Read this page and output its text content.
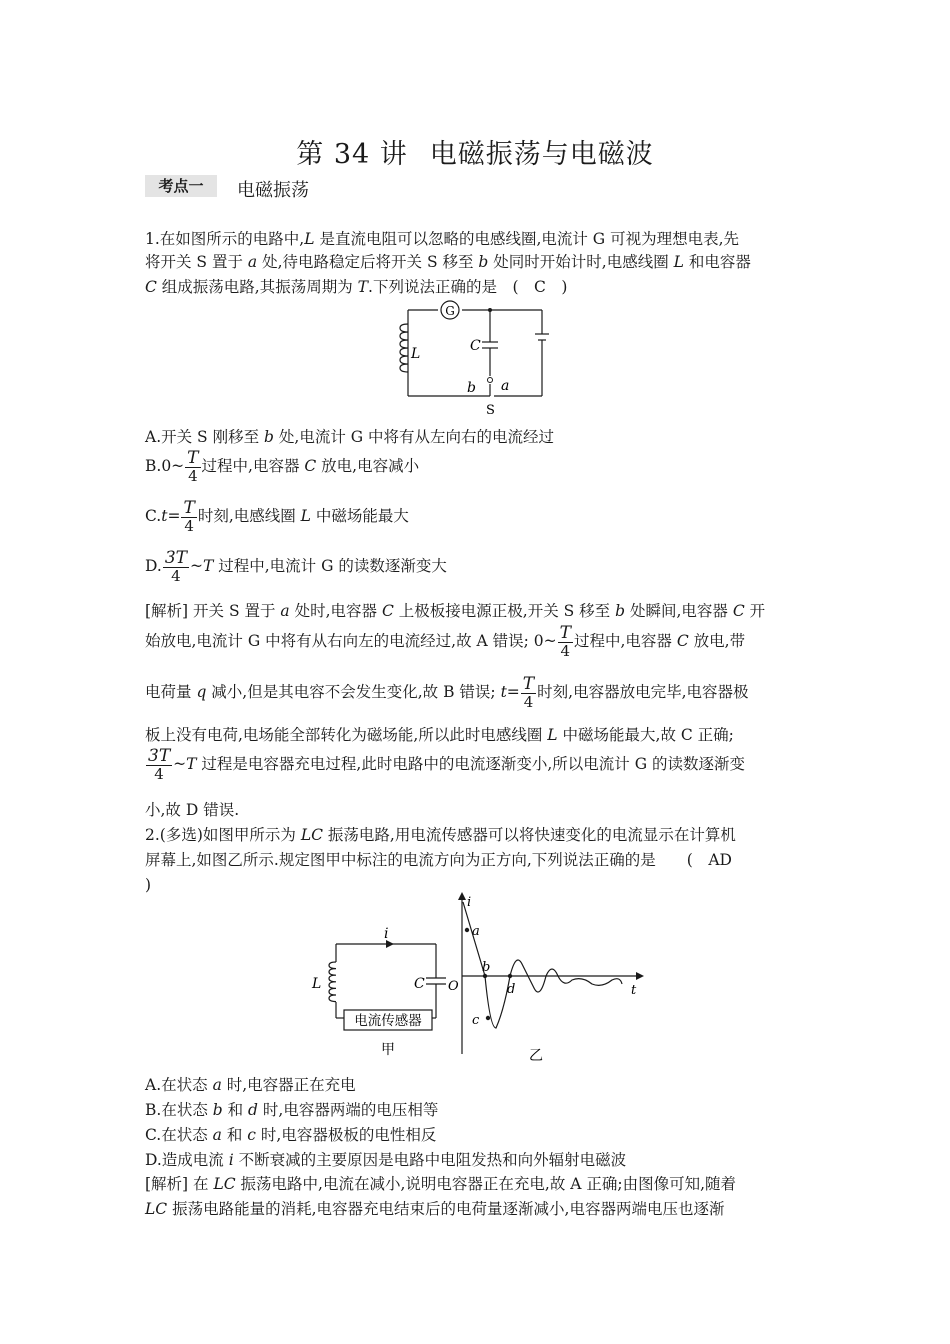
第 34 讲 电磁振荡与电磁波
考点一	电磁振荡
1.在如图所示的电路中,L 是直流电阻可以忽略的电感线圈,电流计 G 可视为理想电表,先
将开关 S 置于 a 处,待电路稳定后将开关 S 移至 b 处同时开始计时,电感线圈 L 和电容器
C 组成振荡电路,其振荡周期为 T.下列说法正确的是　(　C　)
G
L	C
b a
S
A.开关 S 刚移至 b 处,电流计 G 中将有从左向右的电流经过
B.0~ $\frac{T}{4}$ 过程中,电容器 C 放电,电容减小
$C.t= \frac{T}{4}$ 时刻,电感线圈 L 中磁场能最大
D. $\frac{3T}{4}$ ~T 过程中,电流计 G 的读数逐渐变大
[解析] 开关 S 置于 a 处时,电容器 C 上极板接电源正极,开关 S 移至 b 处瞬间,电容器 C 开
始放电,电流计 G 中将有从右向左的电流经过,故 A 错误; 0~ $\frac{T}{4}$ 过程中,电容器 C 放电,带
电荷量 q 减小,但是其电容不会发生变化,故 B 错误; $t= \frac{T}{4}$ 时刻,电容器放电完毕,电容器极
板上没有电荷,电场能全部转化为磁场能,所以此时电感线圈 L 中磁场能最大,故 C 正确;
$\frac{3T}{4}$ ~T 过程是电容器充电过程,此时电路中的电流逐渐变小,所以电流计 G 的读数逐渐变
小,故 D 错误.
2.(多选)如图甲所示为 LC 振荡电路,用电流传感器可以将快速变化的电流显示在计算机
屏幕上,如图乙所示.规定图甲中标注的电流方向为正方向,下列说法正确的是　　(　AD
)
i
L	C
电流传感器
甲
i
O	t
a
b
c
d
乙
A.在状态 a 时,电容器正在充电
B.在状态 b 和 d 时,电容器两端的电压相等
C.在状态 a 和 c 时,电容器极板的电性相反
D.造成电流 i 不断衰减的主要原因是电路中电阻发热和向外辐射电磁波
[解析] 在 LC 振荡电路中,电流在减小,说明电容器正在充电,故 A 正确;由图像可知,随着
LC 振荡电路能量的消耗,电容器充电结束后的电荷量逐渐减小,电容器两端电压也逐渐
